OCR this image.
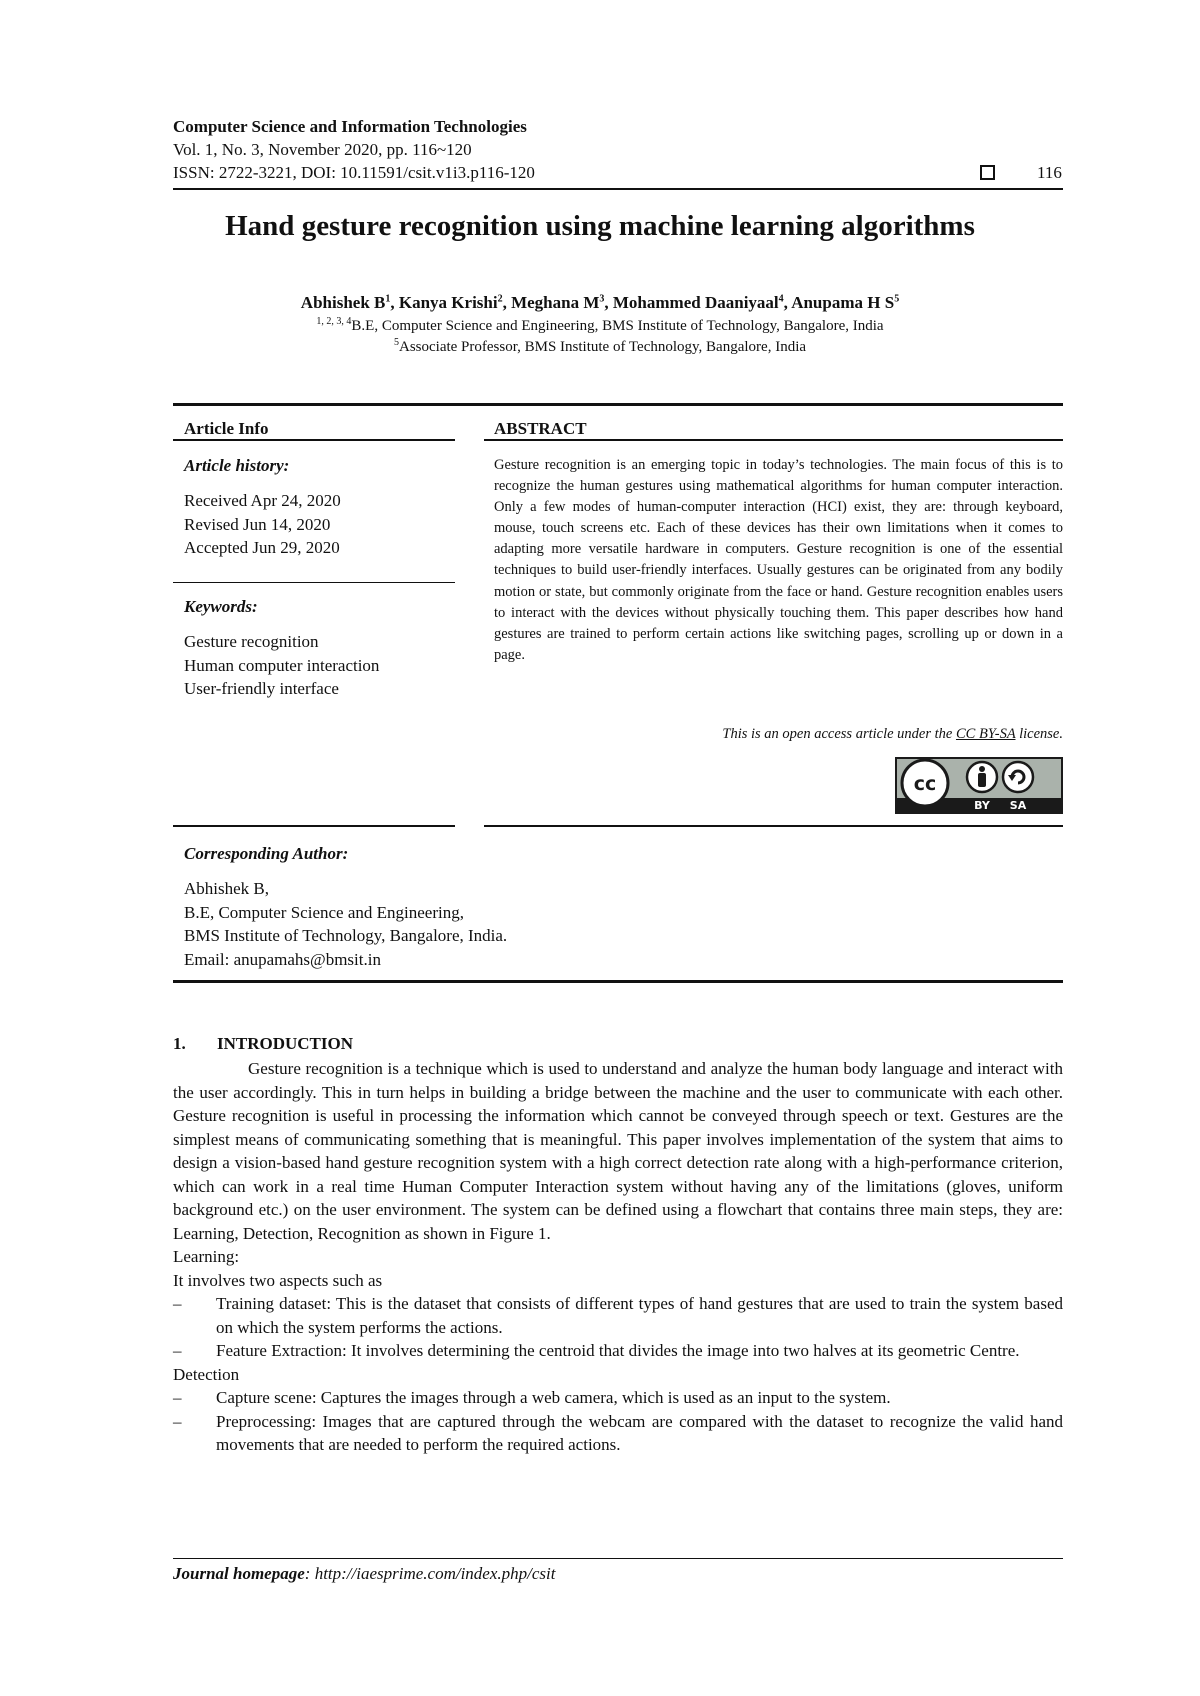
Computer Science and Information Technologies
Vol. 1, No. 3, November 2020, pp. 116~120
ISSN: 2722-3221, DOI: 10.11591/csit.v1i3.p116-120	116
Hand gesture recognition using machine learning algorithms
Abhishek $B^1$, Kanya Krishi$^2$, Meghana $M^3$, Mohammed Daaniyaal$^4$, Anupama H $S^5$
$^{1, 2, 3, 4}$B.E, Computer Science and Engineering, BMS Institute of Technology, Bangalore, India
$^5$Associate Professor, BMS Institute of Technology, Bangalore, India
Article Info
Article history:
Received Apr 24, 2020
Revised Jun 14, 2020
Accepted Jun 29, 2020
Keywords:
Gesture recognition
Human computer interaction
User-friendly interface
ABSTRACT
Gesture recognition is an emerging topic in today’s technologies. The main focus of this is to recognize the human gestures using mathematical algorithms for human computer interaction. Only a few modes of human-computer interaction (HCI) exist, they are: through keyboard, mouse, touch screens etc. Each of these devices has their own limitations when it comes to adapting more versatile hardware in computers. Gesture recognition is one of the essential techniques to build user-friendly interfaces. Usually gestures can be originated from any bodily motion or state, but commonly originate from the face or hand. Gesture recognition enables users to interact with the devices without physically touching them. This paper describes how hand gestures are trained to perform certain actions like switching pages, scrolling up or down in a page.
This is an open access article under the CC BY-SA license.
cc
BY SA
Corresponding Author:
Abhishek B,
B.E, Computer Science and Engineering,
BMS Institute of Technology, Bangalore, India.
Email: anupamahs@bmsit.in
1. INTRODUCTION

Gesture recognition is a technique which is used to understand and analyze the human body language and interact with the user accordingly. This in turn helps in building a bridge between the machine and the user to communicate with each other. Gesture recognition is useful in processing the information which cannot be conveyed through speech or text. Gestures are the simplest means of communicating something that is meaningful. This paper involves implementation of the system that aims to design a vision-based hand gesture recognition system with a high correct detection rate along with a high-performance criterion, which can work in a real time Human Computer Interaction system without having any of the limitations (gloves, uniform background etc.) on the user environment. The system can be defined using a flowchart that contains three main steps, they are: Learning, Detection, Recognition as shown in Figure 1.

Learning:
It involves two aspects such as
– Training dataset: This is the dataset that consists of different types of hand gestures that are used to train the system based on which the system performs the actions.
– Feature Extraction: It involves determining the centroid that divides the image into two halves at its geometric Centre.
Detection
– Capture scene: Captures the images through a web camera, which is used as an input to the system.
– Preprocessing: Images that are captured through the webcam are compared with the dataset to recognize the valid hand movements that are needed to perform the required actions.
Journal homepage: http://iaesprime.com/index.php/csit
